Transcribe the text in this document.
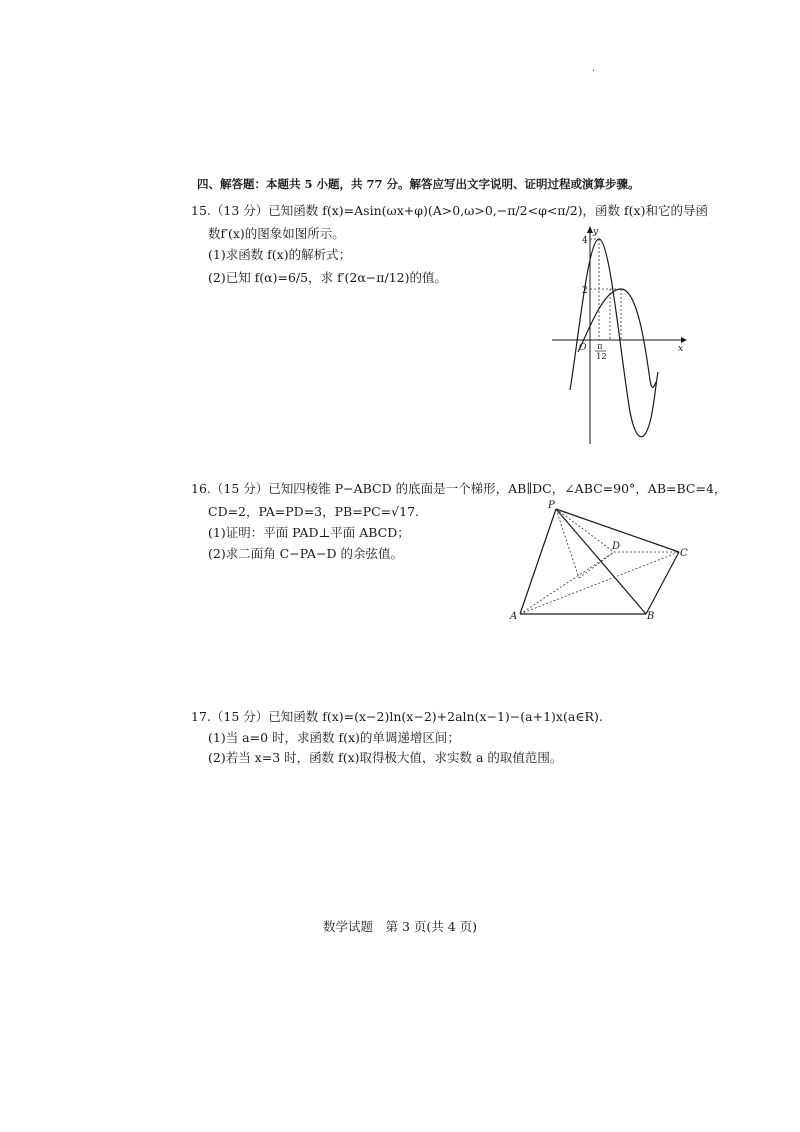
·
四、解答题：本题共 5 小题，共 77 分。解答应写出文字说明、证明过程或演算步骤。
15.（13 分）已知函数 f(x)=Asin(ωx+φ)(A>0,ω>0,−π/2<φ<π/2)，函数 f(x)和它的导函
数f′(x)的图象如图所示。
(1)求函数 f(x)的解析式；
(2)已知 f(α)=6/5，求 f′(2α−π/12)的值。
y
x
O
4
2
π
12
16.（15 分）已知四棱锥 P−ABCD 的底面是一个梯形，AB∥DC，∠ABC=90°，AB=BC=4，
CD=2，PA=PD=3，PB=PC=√17.
(1)证明：平面 PAD⊥平面 ABCD；
(2)求二面角 C−PA−D 的余弦值。
P
A	B
C
D
17.（15 分）已知函数 f(x)=(x−2)ln(x−2)+2aln(x−1)−(a+1)x(a∈R).
(1)当 a=0 时，求函数 f(x)的单调递增区间；
(2)若当 x=3 时，函数 f(x)取得极大值，求实数 a 的取值范围。
数学试题　第 3 页(共 4 页)
